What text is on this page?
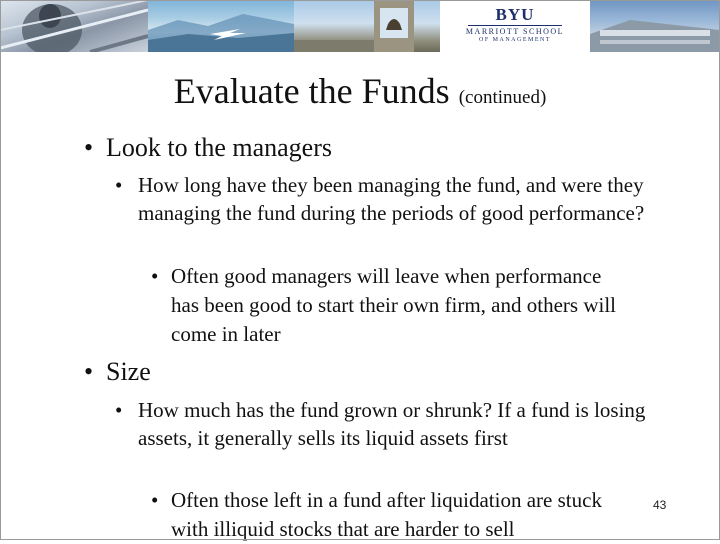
BYU
MARRIOTT SCHOOL
OF MANAGEMENT
Evaluate the Funds (continued)
• Look to the managers
• How long have they been managing the fund, and were they managing the fund during the periods of good performance?
• Often good managers will leave when performance has been good to start their own firm, and others will come in later
• Size
• How much has the fund grown or shrunk? If a fund is losing assets, it generally sells its liquid assets first
• Often those left in a fund after liquidation are stuck with illiquid stocks that are harder to sell
43
